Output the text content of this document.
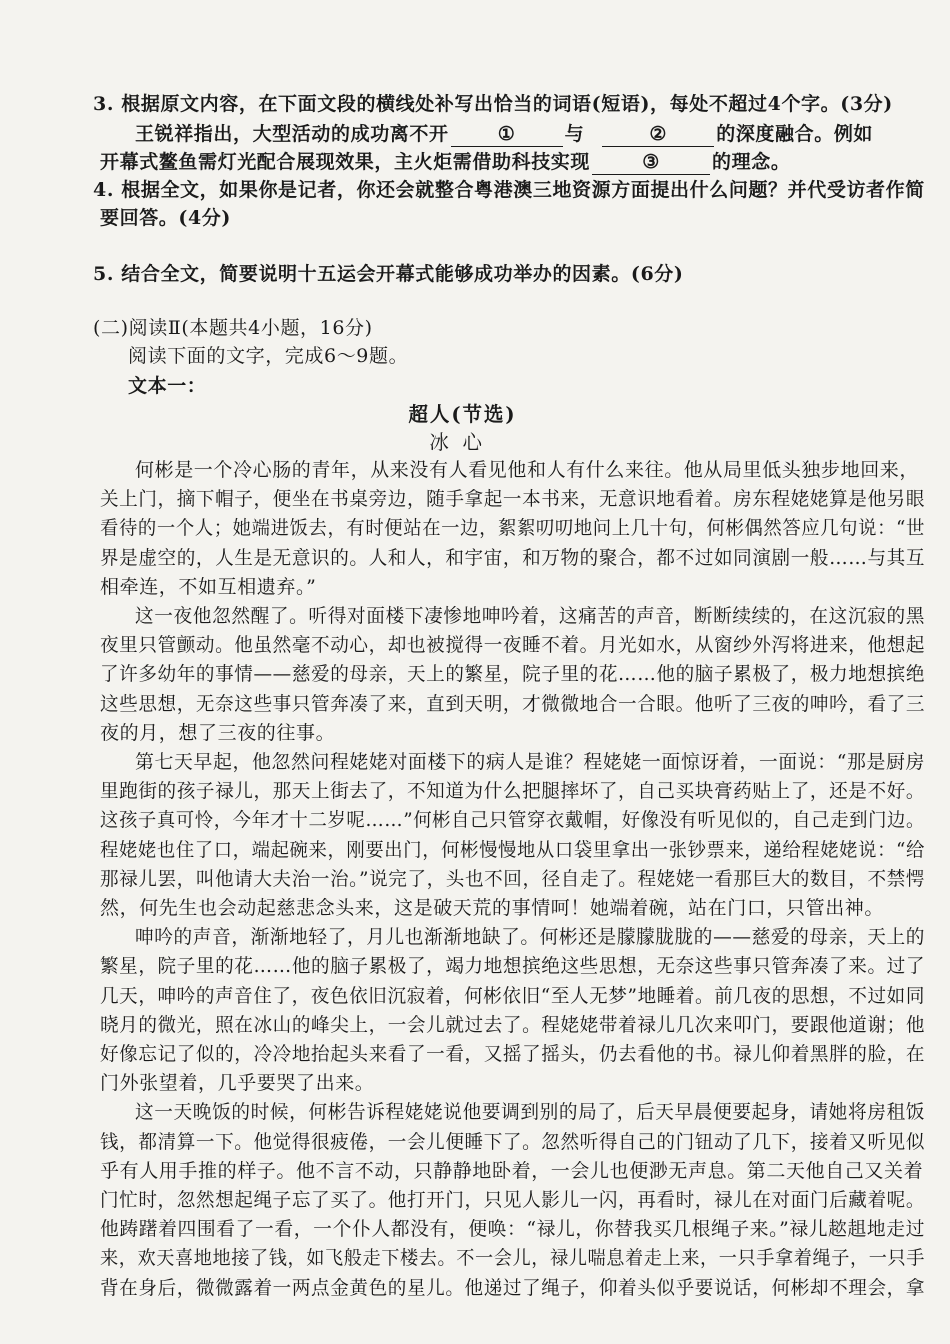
3. 根据原文内容，在下面文段的横线处补写出恰当的词语(短语)，每处不超过4个字。(3分)
王锐祥指出，大型活动的成功离不开	①	与	②	的深度融合。例如
开幕式鳌鱼需灯光配合展现效果，主火炬需借助科技实现	③	的理念。
4. 根据全文，如果你是记者，你还会就整合粤港澳三地资源方面提出什么问题？并代受访者作简
要回答。(4分)
5. 结合全文，简要说明十五运会开幕式能够成功举办的因素。(6分)
(二)阅读Ⅱ(本题共4小题，16分)
阅读下面的文字，完成6～9题。
文本一：
超人(节选)
冰心
何彬是一个冷心肠的青年，从来没有人看见他和人有什么来往。他从局里低头独步地回来，
关上门，摘下帽子，便坐在书桌旁边，随手拿起一本书来，无意识地看着。房东程姥姥算是他另眼
看待的一个人；她端进饭去，有时便站在一边，絮絮叨叨地问上几十句，何彬偶然答应几句说：“世
界是虚空的，人生是无意识的。人和人，和宇宙，和万物的聚合，都不过如同演剧一般……与其互
相牵连，不如互相遗弃。”
这一夜他忽然醒了。听得对面楼下凄惨地呻吟着，这痛苦的声音，断断续续的，在这沉寂的黑
夜里只管颤动。他虽然毫不动心，却也被搅得一夜睡不着。月光如水，从窗纱外泻将进来，他想起
了许多幼年的事情——慈爱的母亲，天上的繁星，院子里的花……他的脑子累极了，极力地想摈绝
这些思想，无奈这些事只管奔凑了来，直到天明，才微微地合一合眼。他听了三夜的呻吟，看了三
夜的月，想了三夜的往事。
第七天早起，他忽然问程姥姥对面楼下的病人是谁？程姥姥一面惊讶着，一面说：“那是厨房
里跑街的孩子禄儿，那天上街去了，不知道为什么把腿摔坏了，自己买块膏药贴上了，还是不好。
这孩子真可怜，今年才十二岁呢……”何彬自己只管穿衣戴帽，好像没有听见似的，自己走到门边。
程姥姥也住了口，端起碗来，刚要出门，何彬慢慢地从口袋里拿出一张钞票来，递给程姥姥说：“给
那禄儿罢，叫他请大夫治一治。”说完了，头也不回，径自走了。程姥姥一看那巨大的数目，不禁愕
然，何先生也会动起慈悲念头来，这是破天荒的事情呵！她端着碗，站在门口，只管出神。
呻吟的声音，渐渐地轻了，月儿也渐渐地缺了。何彬还是朦朦胧胧的——慈爱的母亲，天上的
繁星，院子里的花……他的脑子累极了，竭力地想摈绝这些思想，无奈这些事只管奔凑了来。过了
几天，呻吟的声音住了，夜色依旧沉寂着，何彬依旧“至人无梦”地睡着。前几夜的思想，不过如同
晓月的微光，照在冰山的峰尖上，一会儿就过去了。程姥姥带着禄儿几次来叩门，要跟他道谢；他
好像忘记了似的，冷冷地抬起头来看了一看，又摇了摇头，仍去看他的书。禄儿仰着黑胖的脸，在
门外张望着，几乎要哭了出来。
这一天晚饭的时候，何彬告诉程姥姥说他要调到别的局了，后天早晨便要起身，请她将房租饭
钱，都清算一下。他觉得很疲倦，一会儿便睡下了。忽然听得自己的门钮动了几下，接着又听见似
乎有人用手推的样子。他不言不动，只静静地卧着，一会儿也便渺无声息。第二天他自己又关着
门忙时，忽然想起绳子忘了买了。他打开门，只见人影儿一闪，再看时，禄儿在对面门后藏着呢。
他踌躇着四围看了一看，一个仆人都没有，便唤：“禄儿，你替我买几根绳子来。”禄儿趑趄地走过
来，欢天喜地地接了钱，如飞般走下楼去。不一会儿，禄儿喘息着走上来，一只手拿着绳子，一只手
背在身后，微微露着一两点金黄色的星儿。他递过了绳子，仰着头似乎要说话，何彬却不理会，拿
